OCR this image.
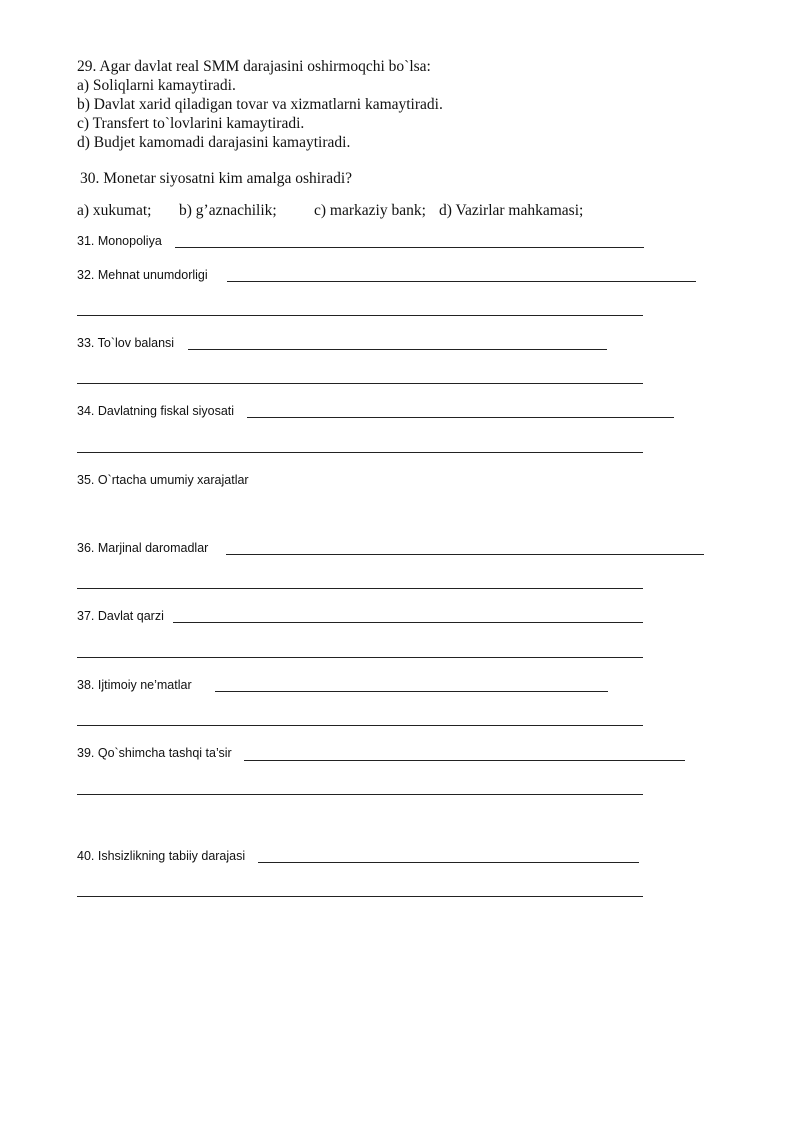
29. Agar davlat real SMM darajasini oshirmoqchi bo`lsa:
a) Soliqlarni kamaytiradi.
b) Davlat xarid qiladigan tovar va xizmatlarni kamaytiradi.
c) Transfert to`lovlarini kamaytiradi.
d) Budjet kamomadi darajasini kamaytiradi.
30. Monetar siyosatni kim amalga oshiradi?
a) xukumat; b) g’aznachilik; c) markaziy bank; d) Vazirlar mahkamasi;
31. Monopoliya
32. Mehnat unumdorligi
33. To`lov balansi
34. Davlatning fiskal siyosati
35. O`rtacha umumiy xarajatlar
36. Marjinal daromadlar
37. Davlat qarzi
38. Ijtimoiy ne’matlar
39. Qo`shimcha tashqi ta’sir
40. Ishsizlikning tabiiy darajasi
